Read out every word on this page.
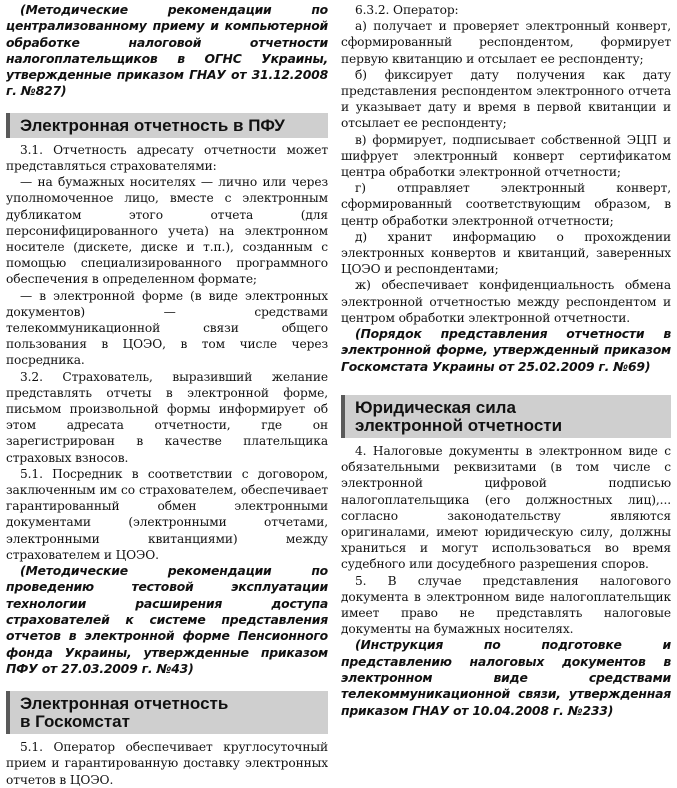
(Методические рекомендации по централизованному приему и компьютерной обработке налоговой отчетности налогоплательщиков в ОГНС Украины, утвержденные приказом ГНАУ от 31.12.2008 г. №827)

Электронная отчетность в ПФУ

3.1. Отчетность адресату отчетности может представляться страхователями:

— на бумажных носителях — лично или через уполномоченное лицо, вместе с электронным дубликатом этого отчета (для персонифицированного учета) на электронном носителе (дискете, диске и т.п.), созданным с помощью специализированного программного обеспечения в определенном формате;

— в электронной форме (в виде электронных документов) — средствами телекоммуникационной связи общего пользования в ЦОЭО, в том числе через посредника.

3.2. Страхователь, выразивший желание представлять отчеты в электронной форме, письмом произвольной формы информирует об этом адресата отчетности, где он зарегистрирован в качестве плательщика страховых взносов.

5.1. Посредник в соответствии с договором, заключенным им со страхователем, обеспечивает гарантированный обмен электронными документами (электронными отчетами, электронными квитанциями) между страхователем и ЦОЭО.

(Методические рекомендации по проведению тестовой эксплуатации технологии расширения доступа страхователей к системе представления отчетов в электронной форме Пенсионного фонда Украины, утвержденные приказом ПФУ от 27.03.2009 г. №43)

Электронная отчетность
в Госкомстат

5.1. Оператор обеспечивает круглосуточный прием и гарантированную доставку электронных отчетов в ЦОЭО.

6.3.2. Оператор:

а) получает и проверяет электронный конверт, сформированный респондентом, формирует первую квитанцию и отсылает ее респонденту;

б) фиксирует дату получения как дату представления респондентом электронного отчета и указывает дату и время в первой квитанции и отсылает ее респонденту;

в) формирует, подписывает собственной ЭЦП и шифрует электронный конверт сертификатом центра обработки электронной отчетности;

г) отправляет электронный конверт, сформированный соответствующим образом, в центр обработки электронной отчетности;

д) хранит информацию о прохождении электронных конвертов и квитанций, заверенных ЦОЭО и респондентами;

ж) обеспечивает конфиденциальность обмена электронной отчетностью между респондентом и центром обработки электронной отчетности.

(Порядок представления отчетности в электронной форме, утвержденный приказом Госкомстата Украины от 25.02.2009 г. №69)

Юридическая сила
электронной отчетности

4. Налоговые документы в электронном виде с обязательными реквизитами (в том числе с электронной цифровой подписью налогоплательщика (его должностных лиц),... согласно законодательству являются оригиналами, имеют юридическую силу, должны храниться и могут использоваться во время судебного или досудебного разрешения споров.

5. В случае представления налогового документа в электронном виде налогоплательщик имеет право не представлять налоговые документы на бумажных носителях.

(Инструкция по подготовке и представлению налоговых документов в электронном виде средствами телекоммуникационной связи, утвержденная приказом ГНАУ от 10.04.2008 г. №233)
